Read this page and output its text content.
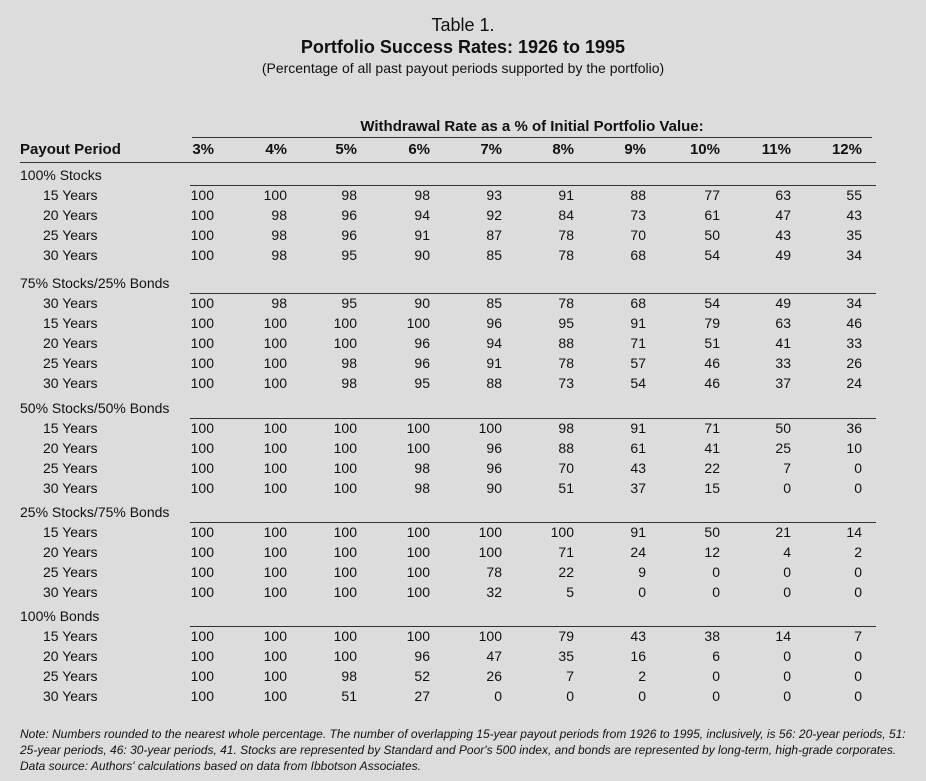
Table 1.
Portfolio Success Rates: 1926 to 1995
(Percentage of all past payout periods supported by the portfolio)
Withdrawal Rate as a % of Initial Portfolio Value:
Payout Period	3%	4%	5%	6%	7%	8%	9%	10%	11%	12%
100% Stocks
15 Years	100	100	98	98	93	91	88	77	63	55
20 Years	100	98	96	94	92	84	73	61	47	43
25 Years	100	98	96	91	87	78	70	50	43	35
30 Years	100	98	95	90	85	78	68	54	49	34
75% Stocks/25% Bonds
30 Years	100	98	95	90	85	78	68	54	49	34
15 Years	100	100	100	100	96	95	91	79	63	46
20 Years	100	100	100	96	94	88	71	51	41	33
25 Years	100	100	98	96	91	78	57	46	33	26
30 Years	100	100	98	95	88	73	54	46	37	24
50% Stocks/50% Bonds
15 Years	100	100	100	100	100	98	91	71	50	36
20 Years	100	100	100	100	96	88	61	41	25	10
25 Years	100	100	100	98	96	70	43	22	7	0
30 Years	100	100	100	98	90	51	37	15	0	0
25% Stocks/75% Bonds
15 Years	100	100	100	100	100	100	91	50	21	14
20 Years	100	100	100	100	100	71	24	12	4	2
25 Years	100	100	100	100	78	22	9	0	0	0
30 Years	100	100	100	100	32	5	0	0	0	0
100% Bonds
15 Years	100	100	100	100	100	79	43	38	14	7
20 Years	100	100	100	96	47	35	16	6	0	0
25 Years	100	100	98	52	26	7	2	0	0	0
30 Years	100	100	51	27	0	0	0	0	0	0
Note: Numbers rounded to the nearest whole percentage. The number of overlapping 15-year payout periods from 1926 to 1995, inclusively, is 56: 20-year periods, 51: 25-year periods, 46: 30-year periods, 41. Stocks are represented by Standard and Poor's 500 index, and bonds are represented by long-term, high-grade corporates. Data source: Authors' calculations based on data from Ibbotson Associates.
